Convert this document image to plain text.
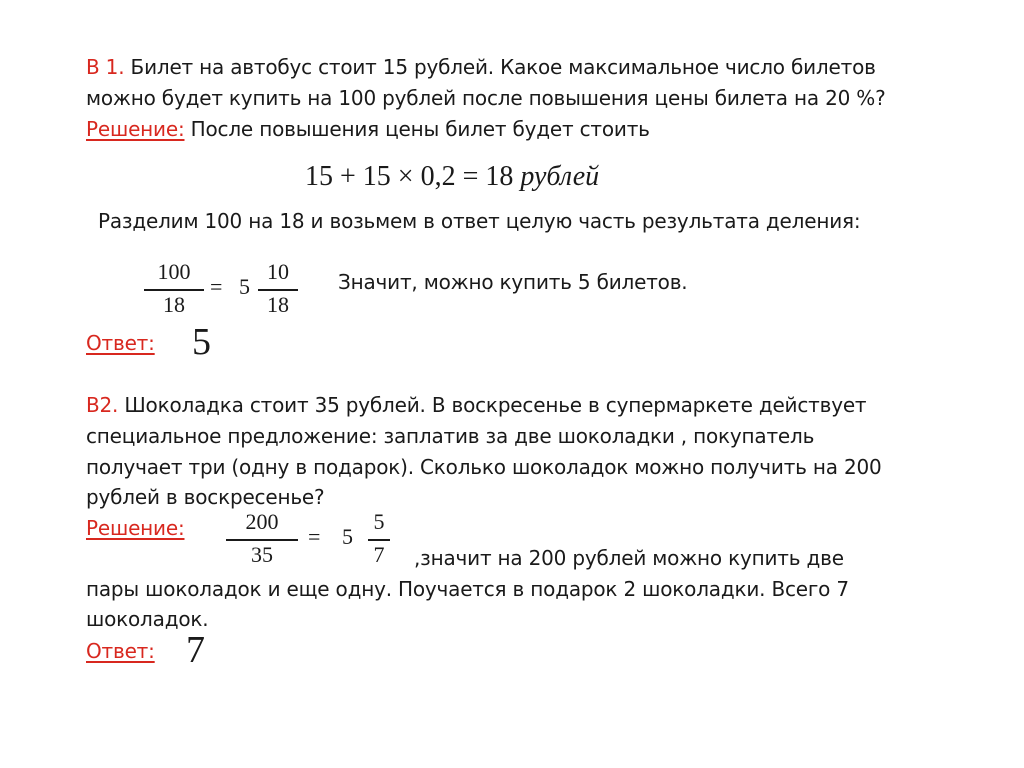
В 1. Билет на автобус стоит 15 рублей. Какое максимальное число билетов
можно будет купить на 100 рублей после повышения цены билета на 20 %?
Решение: После повышения цены билет будет стоить
15 + 15 × 0,2 = 18 рублей
Разделим 100 на 18 и возьмем в ответ целую часть результата деления:
100
18
= 5
10
18
Значит, можно купить 5 билетов.
Ответ: 5
В2. Шоколадка стоит 35 рублей. В воскресенье в супермаркете действует
специальное предложение: заплатив за две шоколадки , покупатель
получает три (одну в подарок). Сколько шоколадок можно получить на 200
рублей в воскресенье?
Решение:	200
35
= 5
5
7 ,значит на 200 рублей можно купить две
пары шоколадок и еще одну. Поучается в подарок 2 шоколадки. Всего 7
шоколадок.
Ответ: 7
